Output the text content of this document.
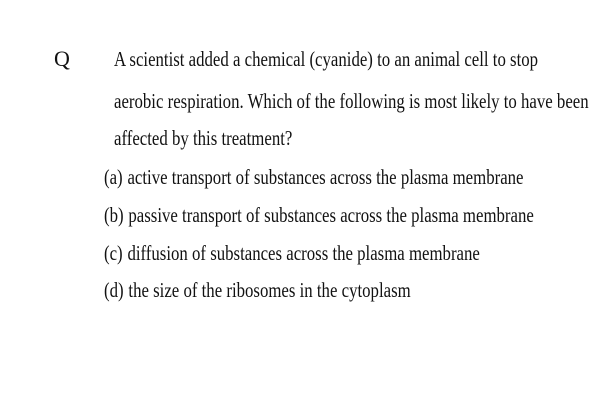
Q A scientist added a chemical (cyanide) to an animal cell to stop
aerobic respiration. Which of the following is most likely to have been
affected by this treatment?
(a) active transport of substances across the plasma membrane
(b) passive transport of substances across the plasma membrane
(c) diffusion of substances across the plasma membrane
(d) the size of the ribosomes in the cytoplasm
